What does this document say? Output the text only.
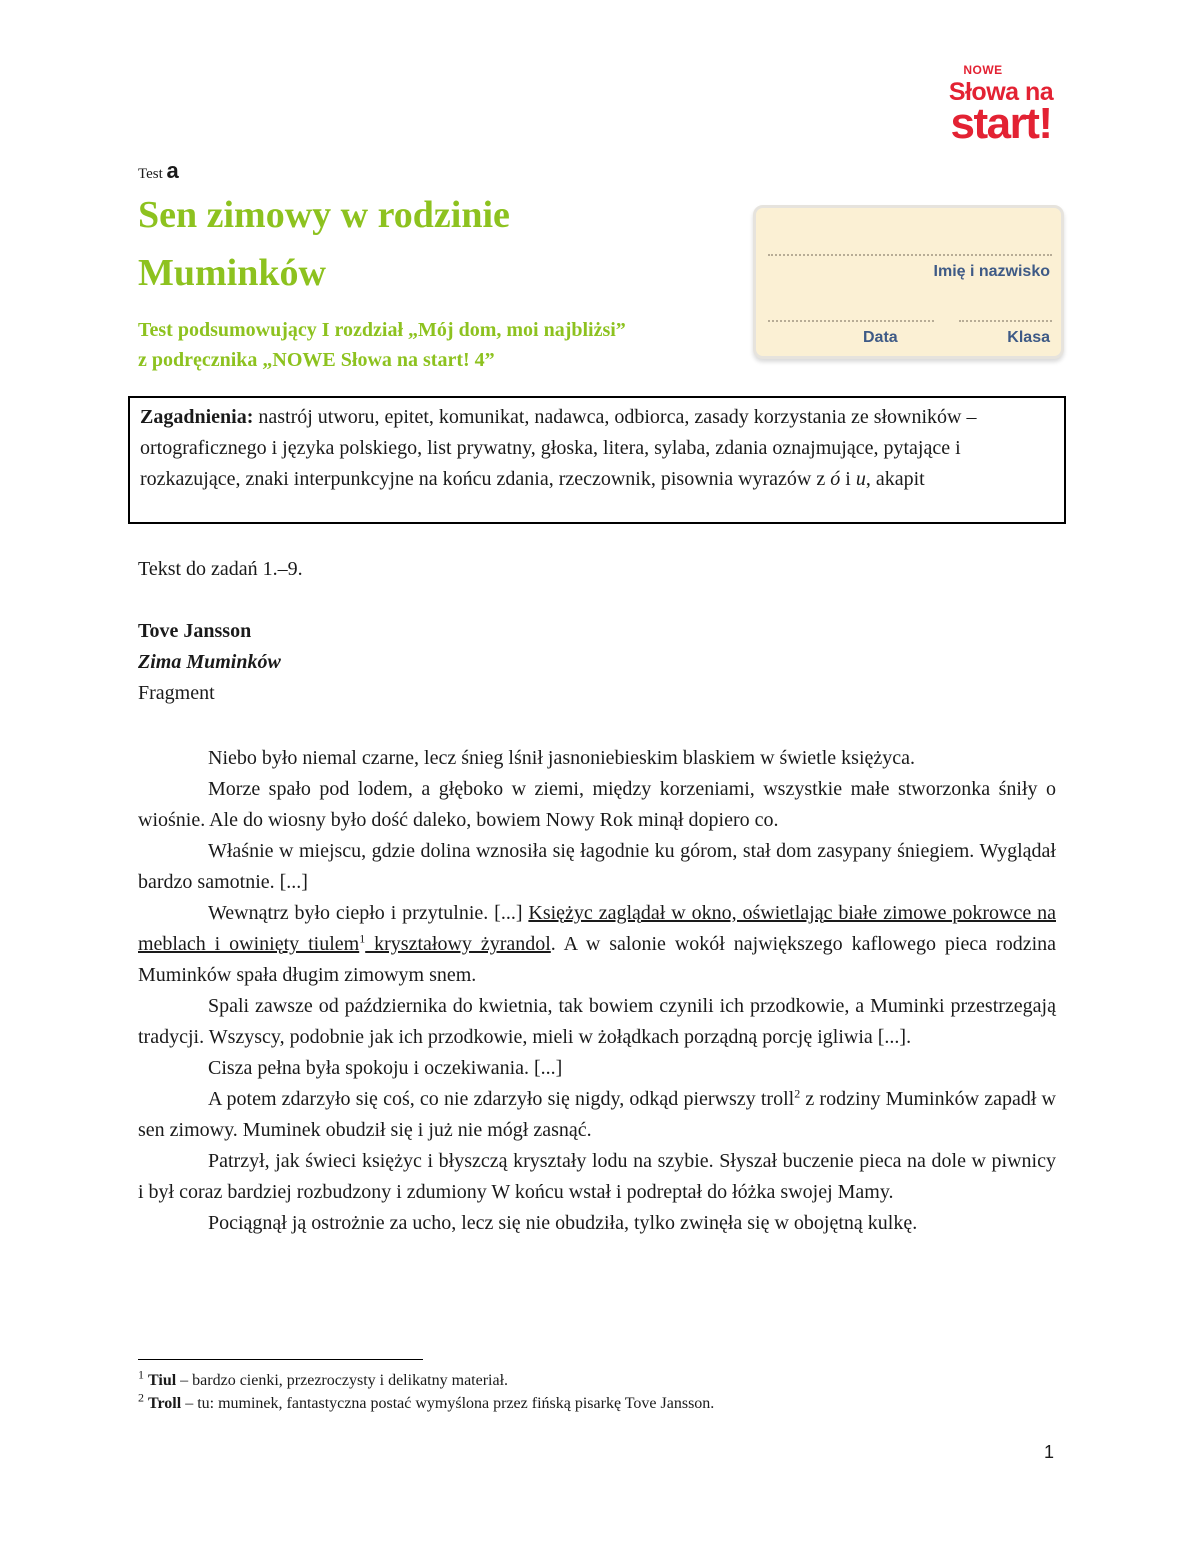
NOWE
Słowa na
start!
Test a
Sen zimowy w rodzinie
Muminków
Test podsumowujący I rozdział „Mój dom, moi najbliżsi”
z podręcznika „NOWE Słowa na start! 4”
Imię i nazwisko
Data	Klasa
Zagadnienia: nastrój utworu, epitet, komunikat, nadawca, odbiorca, zasady korzystania ze słowników – ortograficznego i języka polskiego, list prywatny, głoska, litera, sylaba, zdania oznajmujące, pytające i rozkazujące, znaki interpunkcyjne na końcu zdania, rzeczownik, pisownia wyrazów z ó i u, akapit
Tekst do zadań 1.–9.
Tove Jansson
Zima Muminków
Fragment

Niebo było niemal czarne, lecz śnieg lśnił jasnoniebieskim blaskiem w świetle księżyca.

Morze spało pod lodem, a głęboko w ziemi, między korzeniami, wszystkie małe stworzonka śniły o wiośnie. Ale do wiosny było dość daleko, bowiem Nowy Rok minął dopiero co.

Właśnie w miejscu, gdzie dolina wznosiła się łagodnie ku górom, stał dom zasypany śniegiem. Wyglądał bardzo samotnie. [...]

Wewnątrz było ciepło i przytulnie. [...] Księżyc zaglądał w okno, oświetlając białe zimowe pokrowce na meblach i owinięty tiulem$^1$ kryształowy żyrandol. A w salonie wokół największego kaflowego pieca rodzina Muminków spała długim zimowym snem.

Spali zawsze od października do kwietnia, tak bowiem czynili ich przodkowie, a Muminki przestrzegają tradycji. Wszyscy, podobnie jak ich przodkowie, mieli w żołądkach porządną porcję igliwia [...].

Cisza pełna była spokoju i oczekiwania. [...]

A potem zdarzyło się coś, co nie zdarzyło się nigdy, odkąd pierwszy troll$^2$ z rodziny Muminków zapadł w sen zimowy. Muminek obudził się i już nie mógł zasnąć.

Patrzył, jak świeci księżyc i błyszczą kryształy lodu na szybie. Słyszał buczenie pieca na dole w piwnicy i był coraz bardziej rozbudzony i zdumiony W końcu wstał i podreptał do łóżka swojej Mamy.

Pociągnął ją ostrożnie za ucho, lecz się nie obudziła, tylko zwinęła się w obojętną kulkę.

$^1$ Tiul – bardzo cienki, przezroczysty i delikatny materiał.
$^2$ Troll – tu: muminek, fantastyczna postać wymyślona przez fińską pisarkę Tove Jansson.
1
